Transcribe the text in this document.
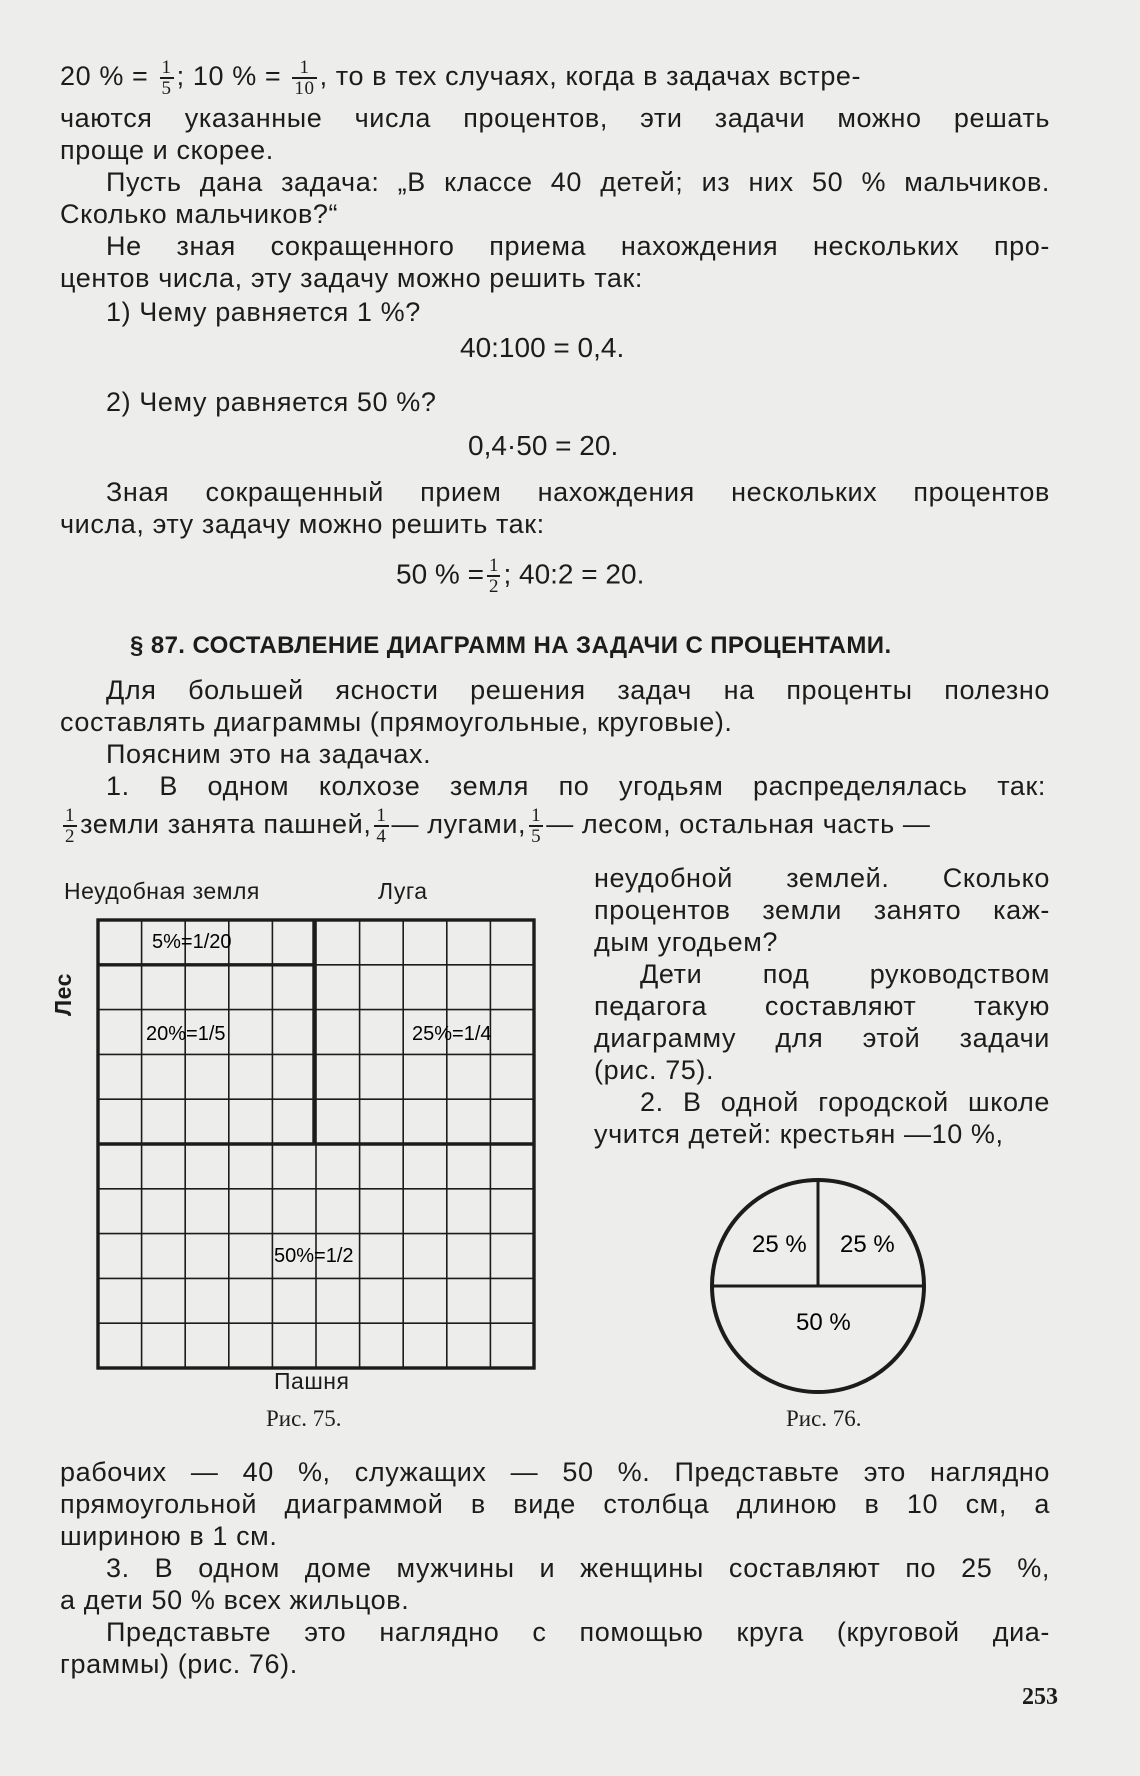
20 % = $\frac{1}{5}$ ; 10 % = $\frac{1}{10}$ , то в тех случаях, когда в задачах встре-
чаются указанные числа процентов, эти задачи можно решать
проще и скорее.
Пусть дана задача: „В классе 40 детей; из них 50 % мальчиков.
Сколько мальчиков?“
Не зная сокращенного приема нахождения нескольких про-
центов числа, эту задачу можно решить так:
1) Чему равняется 1 %?
40:100 = 0,4.
2) Чему равняется 50 %?
0,4·50 = 20.
Зная сокращенный прием нахождения нескольких процентов
числа, эту задачу можно решить так:
50 % = $\frac{1}{2}$ ; 40:2 = 20.
§ 87. СОСТАВЛЕНИЕ ДИАГРАММ НА ЗАДАЧИ С ПРОЦЕНТАМИ.
Для большей ясности решения задач на проценты полезно
составлять диаграммы (прямоугольные, круговые).
Поясним это на задачах.
1. В одном колхозе земля по угодьям распределялась так:
$\frac{1}{2}$ земли занята пашней, $\frac{1}{4}$ — лугами, $\frac{1}{5}$ — лесом, остальная часть —
неудобной землей. Сколько
процентов земли занято каж-
дым угодьем?
Дети под руководством
педагога составляют такую
диаграмму для этой задачи
(рис. 75).
2. В одной городской школе
учится детей: крестьян —10 %,
Неудобная земля	Луга
Лес
Пашня
Рис. 75.
5%=1/20
20%=1/5	25%=1/4
50%=1/2	25 % 25 %
50 %
Рис. 76.
рабочих — 40 %, служащих — 50 %. Представьте это наглядно
прямоугольной диаграммой в виде столбца длиною в 10 см, а
шириною в 1 см.
3. В одном доме мужчины и женщины составляют по 25 %,
а дети 50 % всех жильцов.
Представьте это наглядно с помощью круга (круговой диа-
граммы) (рис. 76).
253
